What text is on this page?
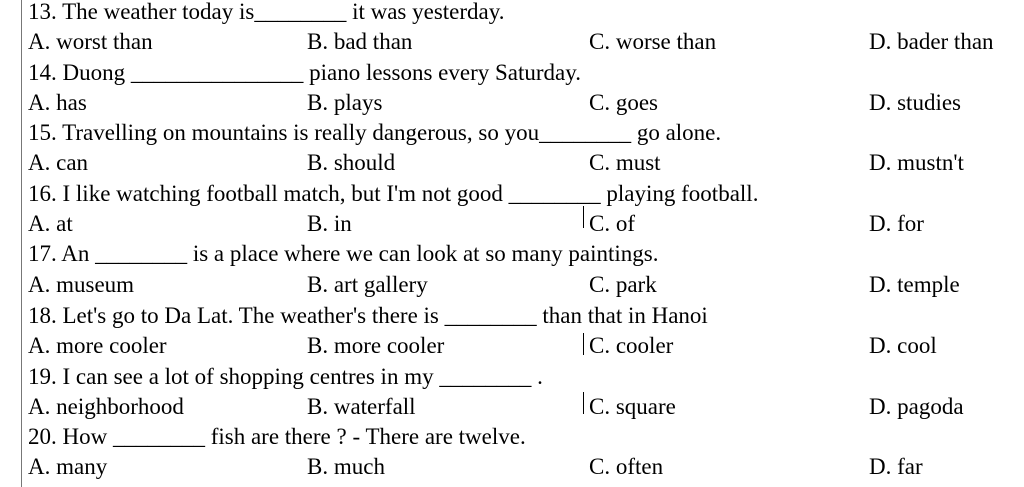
13. The weather today is________ it was yesterday.
A. worst than	B. bad than	C. worse than	D. bader than
14. Duong _______________ piano lessons every Saturday.
A. has	B. plays	C. goes	D. studies
15. Travelling on mountains is really dangerous, so you________ go alone.
A. can	B. should	C. must	D. mustn't
16. I like watching football match, but I'm not good ________ playing football.
A. at	B. in	C. of	D. for
17. An ________ is a place where we can look at so many paintings.
A. museum	B. art gallery	C. park	D. temple
18. Let's go to Da Lat. The weather's there is ________ than that in Hanoi
A. more cooler	B. more cooler	C. cooler	D. cool
19. I can see a lot of shopping centres in my ________ .
A. neighborhood	B. waterfall	C. square	D. pagoda
20. How ________ fish are there ? - There are twelve.
A. many	B. much	C. often	D. far
